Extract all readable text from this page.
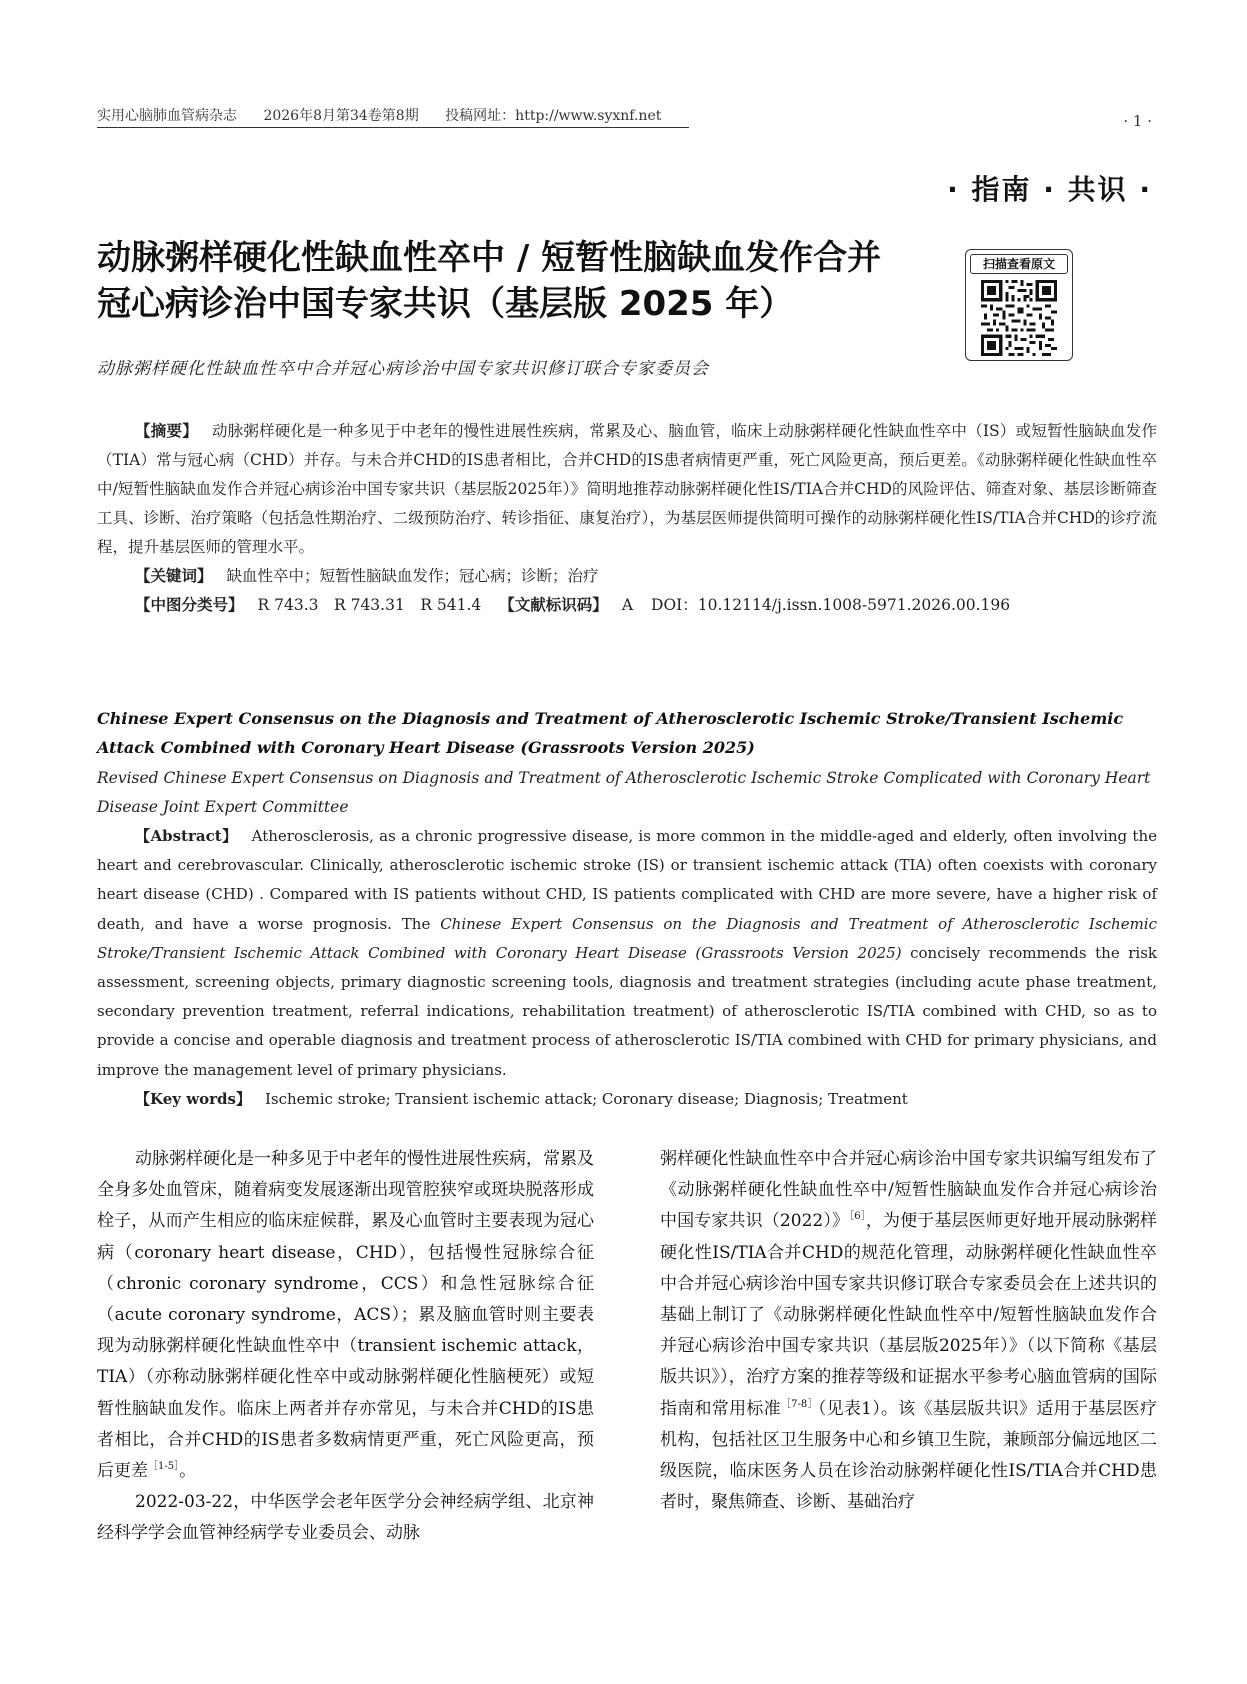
实用心脑肺血管病杂志 2026年8月第34卷第8期 投稿网址：http://www.syxnf.net	· 1 ·
· 指南 · 共识 ·
动脉粥样硬化性缺血性卒中 / 短暂性脑缺血发作合并
冠心病诊治中国专家共识（基层版 2025 年）
扫描查看原文
动脉粥样硬化性缺血性卒中合并冠心病诊治中国专家共识修订联合专家委员会

【摘要】 动脉粥样硬化是一种多见于中老年的慢性进展性疾病，常累及心、脑血管，临床上动脉粥样硬化性缺血性卒中（IS）或短暂性脑缺血发作（TIA）常与冠心病（CHD）并存。与未合并CHD的IS患者相比，合并CHD的IS患者病情更严重，死亡风险更高，预后更差。《动脉粥样硬化性缺血性卒中/短暂性脑缺血发作合并冠心病诊治中国专家共识（基层版2025年）》简明地推荐动脉粥样硬化性IS/TIA合并CHD的风险评估、筛查对象、基层诊断筛查工具、诊断、治疗策略（包括急性期治疗、二级预防治疗、转诊指征、康复治疗），为基层医师提供简明可操作的动脉粥样硬化性IS/TIA合并CHD的诊疗流程，提升基层医师的管理水平。

【关键词】 缺血性卒中；短暂性脑缺血发作；冠心病；诊断；治疗

【中图分类号】 R 743.3　R 743.31　R 541.4 【文献标识码】 A DOI：10.12114/j.issn.1008-5971.2026.00.196

Chinese Expert Consensus on the Diagnosis and Treatment of Atherosclerotic Ischemic Stroke/Transient Ischemic Attack Combined with Coronary Heart Disease (Grassroots Version 2025)
Revised Chinese Expert Consensus on Diagnosis and Treatment of Atherosclerotic Ischemic Stroke Complicated with Coronary Heart Disease Joint Expert Committee

【Abstract】 Atherosclerosis, as a chronic progressive disease, is more common in the middle-aged and elderly, often involving the heart and cerebrovascular. Clinically, atherosclerotic ischemic stroke (IS) or transient ischemic attack (TIA) often coexists with coronary heart disease (CHD) . Compared with IS patients without CHD, IS patients complicated with CHD are more severe, have a higher risk of death, and have a worse prognosis. The Chinese Expert Consensus on the Diagnosis and Treatment of Atherosclerotic Ischemic Stroke/Transient Ischemic Attack Combined with Coronary Heart Disease (Grassroots Version 2025) concisely recommends the risk assessment, screening objects, primary diagnostic screening tools, diagnosis and treatment strategies (including acute phase treatment, secondary prevention treatment, referral indications, rehabilitation treatment) of atherosclerotic IS/TIA combined with CHD, so as to provide a concise and operable diagnosis and treatment process of atherosclerotic IS/TIA combined with CHD for primary physicians, and improve the management level of primary physicians.

【Key words】 Ischemic stroke; Transient ischemic attack; Coronary disease; Diagnosis; Treatment

动脉粥样硬化是一种多见于中老年的慢性进展性疾病，常累及全身多处血管床，随着病变发展逐渐出现管腔狭窄或斑块脱落形成栓子，从而产生相应的临床症候群，累及心血管时主要表现为冠心病（coronary heart disease，CHD），包括慢性冠脉综合征（chronic coronary syndrome，CCS）和急性冠脉综合征（acute coronary syndrome，ACS）；累及脑血管时则主要表现为动脉粥样硬化性缺血性卒中（transient ischemic attack，TIA）（亦称动脉粥样硬化性卒中或动脉粥样硬化性脑梗死）或短暂性脑缺血发作。临床上两者并存亦常见，与未合并CHD的IS患者相比，合并CHD的IS患者多数病情更严重，死亡风险更高，预后更差$^{[1-5]}$。

2022-03-22，中华医学会老年医学分会神经病学组、北京神经科学学会血管神经病学专业委员会、动脉

粥样硬化性缺血性卒中合并冠心病诊治中国专家共识编写组发布了《动脉粥样硬化性缺血性卒中/短暂性脑缺血发作合并冠心病诊治中国专家共识（2022）》$^{[6]}$，为便于基层医师更好地开展动脉粥样硬化性IS/TIA合并CHD的规范化管理，动脉粥样硬化性缺血性卒中合并冠心病诊治中国专家共识修订联合专家委员会在上述共识的基础上制订了《动脉粥样硬化性缺血性卒中/短暂性脑缺血发作合并冠心病诊治中国专家共识（基层版2025年）》（以下简称《基层版共识》），治疗方案的推荐等级和证据水平参考心脑血管病的国际指南和常用标准$^{[7-8]}$（见表1）。该《基层版共识》适用于基层医疗机构，包括社区卫生服务中心和乡镇卫生院，兼顾部分偏远地区二级医院，临床医务人员在诊治动脉粥样硬化性IS/TIA合并CHD患者时，聚焦筛查、诊断、基础治疗
